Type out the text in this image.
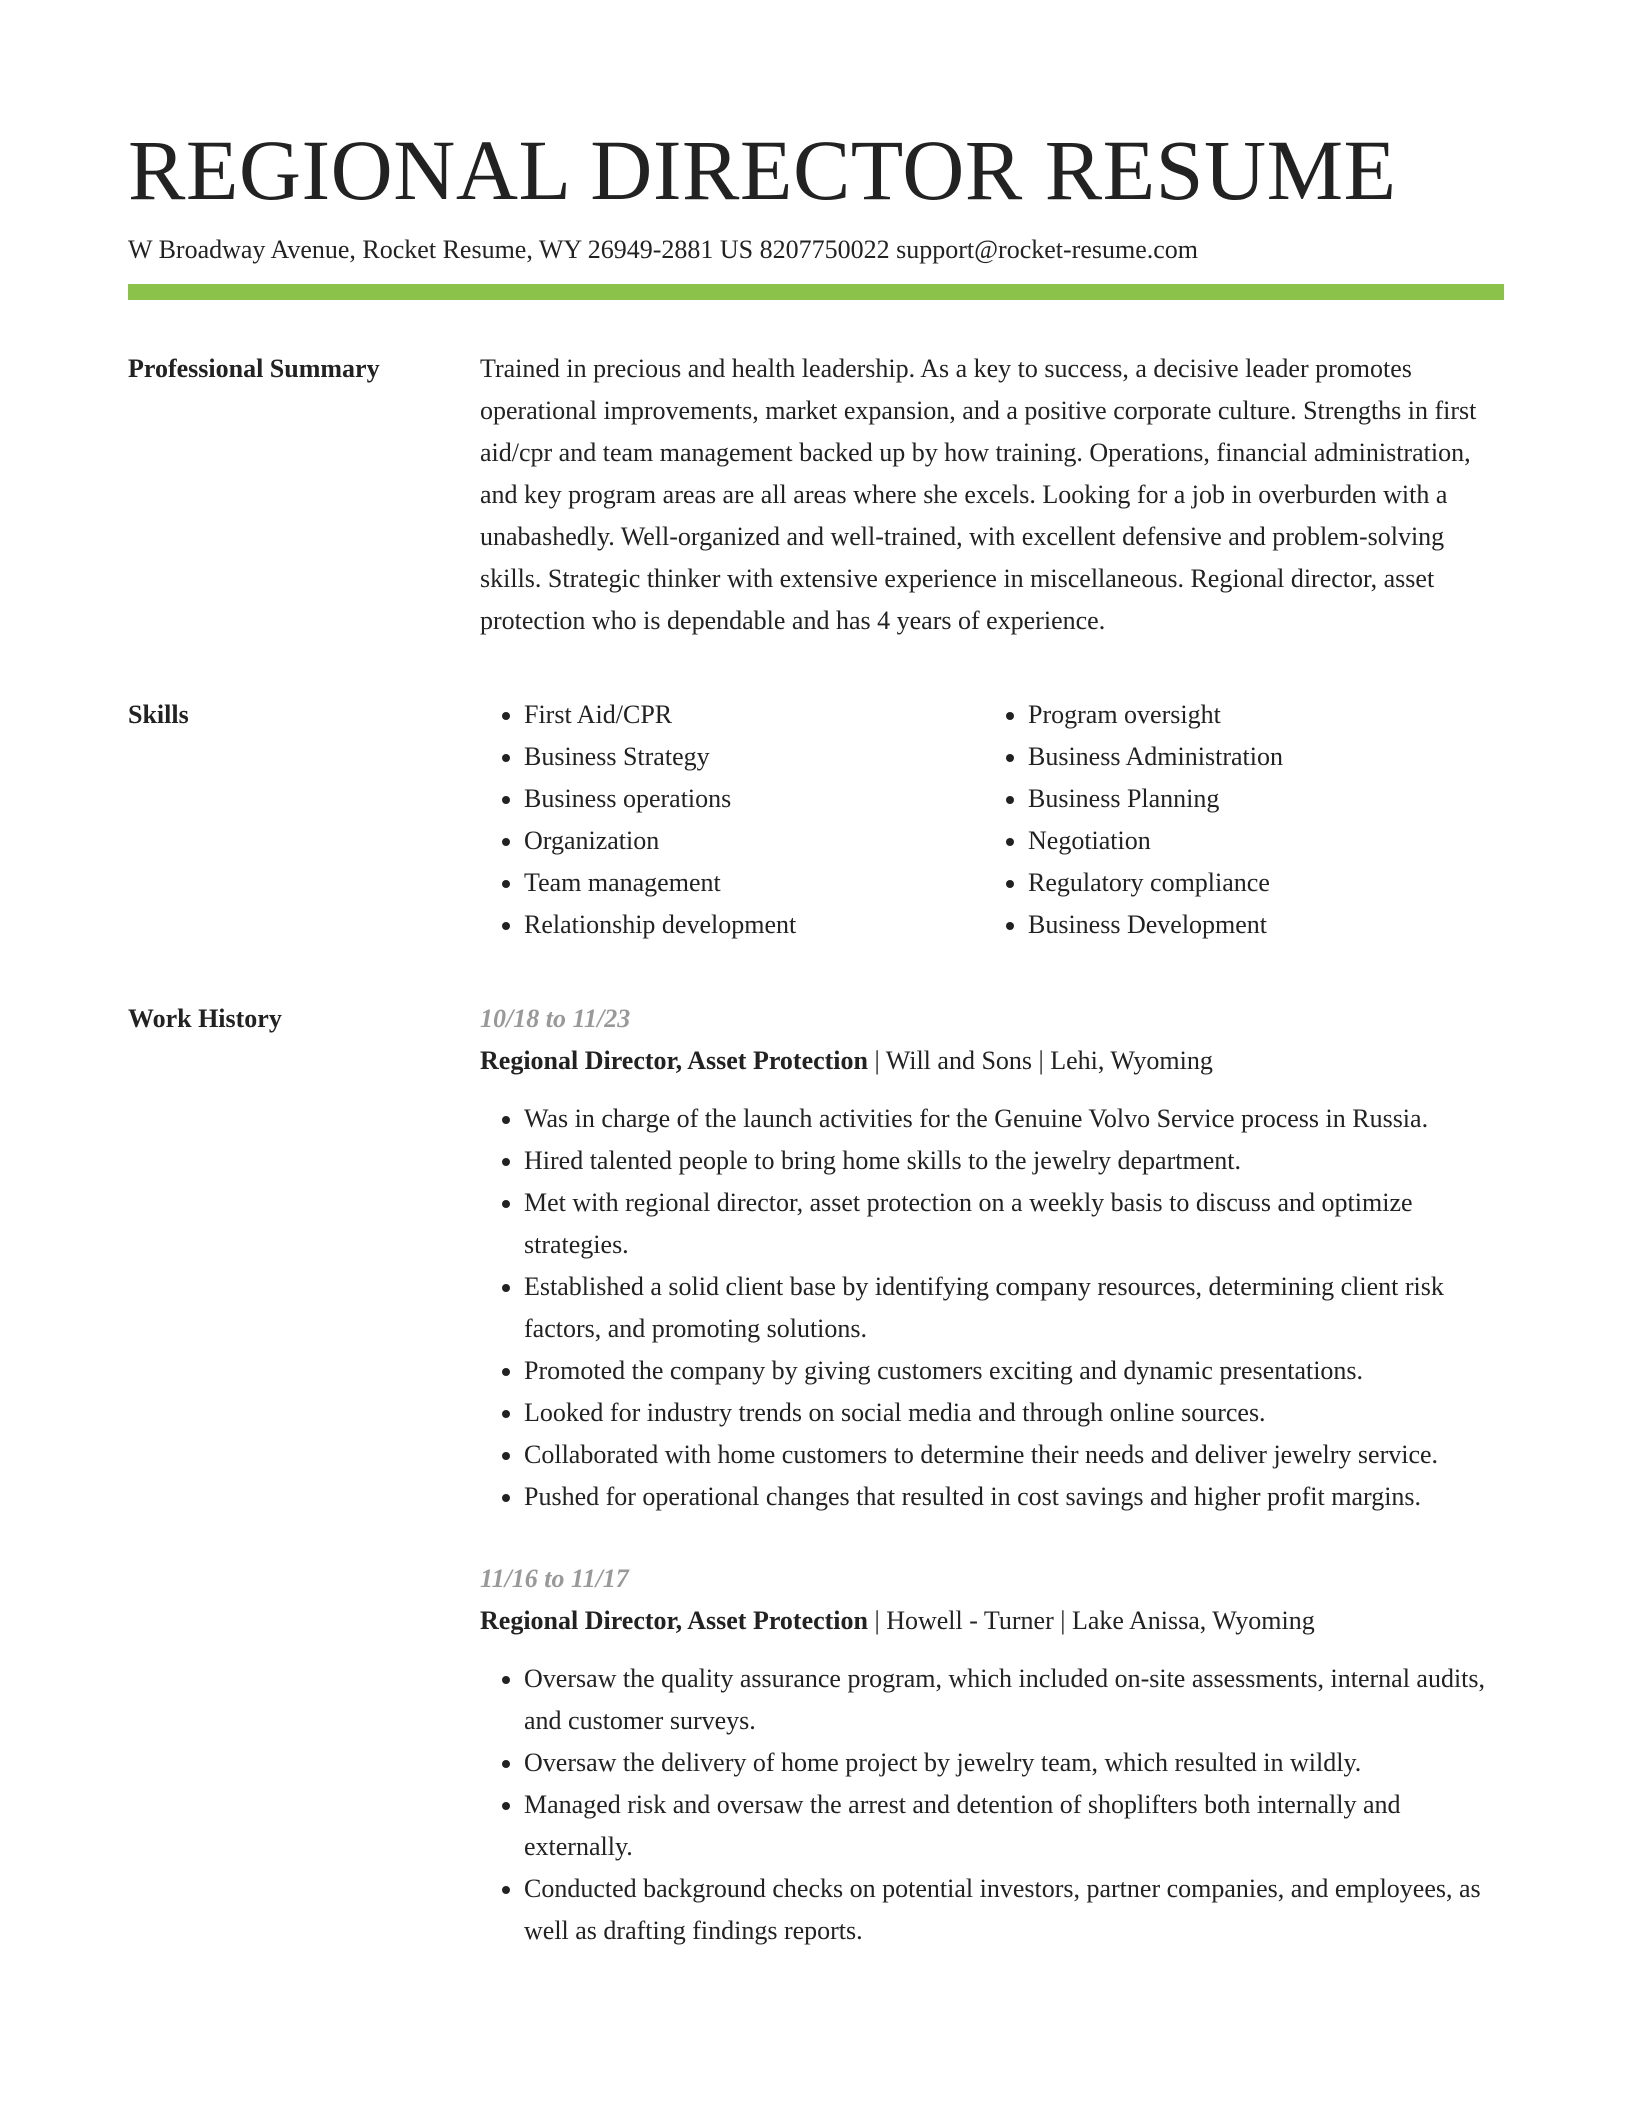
REGIONAL DIRECTOR RESUME
W Broadway Avenue, Rocket Resume, WY 26949-2881 US 8207750022 support@rocket-resume.com
Professional Summary	Trained in precious and health leadership. As a key to success, a decisive leader promotes operational improvements, market expansion, and a positive corporate culture. Strengths in first aid/cpr and team management backed up by how training. Operations, financial administration, and key program areas are all areas where she excels. Looking for a job in overburden with a unabashedly. Well-organized and well-trained, with excellent defensive and problem-solving skills. Strategic thinker with extensive experience in miscellaneous. Regional director, asset protection who is dependable and has 4 years of experience.

Skills
•	First Aid/CPR
• Business Strategy
• Business operations
• Organization
• Team management
• Relationship development
• Program oversight
• Business Administration
• Business Planning
• Negotiation
• Regulatory compliance
• Business Development
Work History	10/18 to 11/23
Regional Director, Asset Protection | Will and Sons | Lehi, Wyoming
• Was in charge of the launch activities for the Genuine Volvo Service process in Russia.
• Hired talented people to bring home skills to the jewelry department.
• Met with regional director, asset protection on a weekly basis to discuss and optimize strategies.
• Established a solid client base by identifying company resources, determining client risk factors, and promoting solutions.
• Promoted the company by giving customers exciting and dynamic presentations.
• Looked for industry trends on social media and through online sources.
• Collaborated with home customers to determine their needs and deliver jewelry service.
• Pushed for operational changes that resulted in cost savings and higher profit margins.
11/16 to 11/17
Regional Director, Asset Protection | Howell - Turner | Lake Anissa, Wyoming
• Oversaw the quality assurance program, which included on-site assessments, internal audits, and customer surveys.
• Oversaw the delivery of home project by jewelry team, which resulted in wildly.
• Managed risk and oversaw the arrest and detention of shoplifters both internally and externally.
• Conducted background checks on potential investors, partner companies, and employees, as well as drafting findings reports.
